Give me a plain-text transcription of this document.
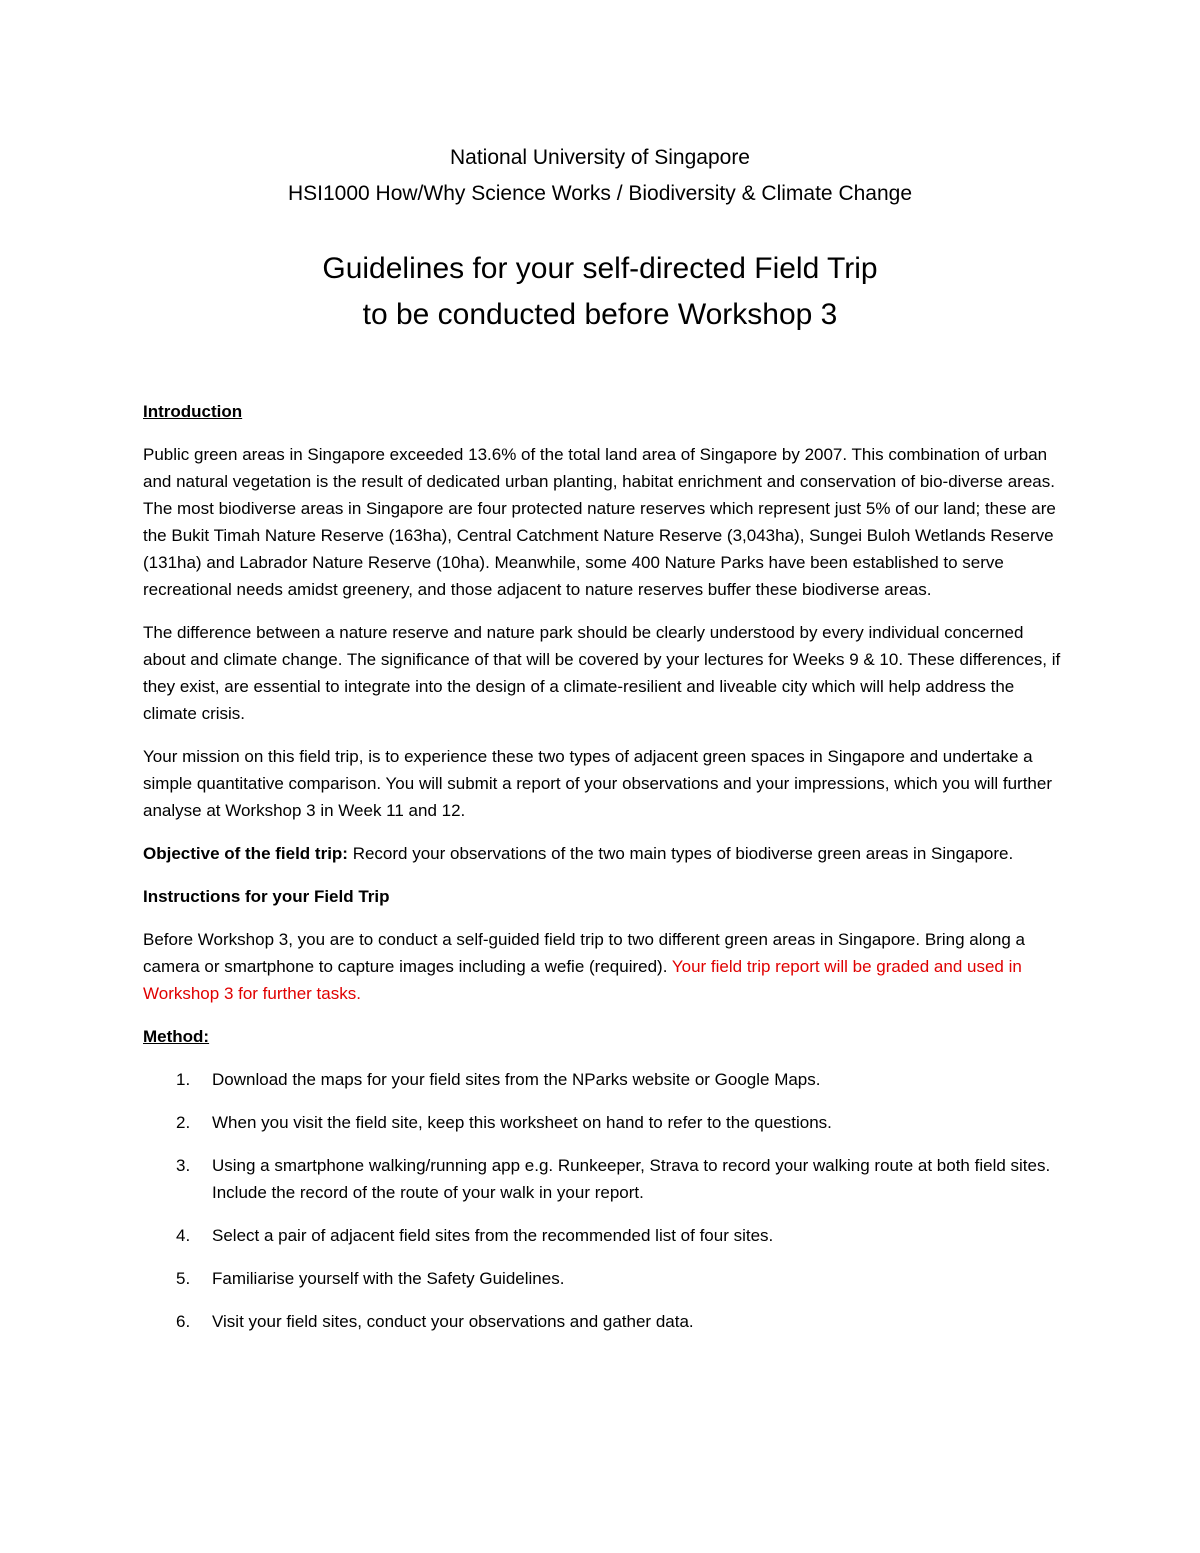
National University of Singapore
HSI1000 How/Why Science Works / Biodiversity & Climate Change
Guidelines for your self-directed Field Trip
to be conducted before Workshop 3
Introduction

Public green areas in Singapore exceeded 13.6% of the total land area of Singapore by 2007. This combination of urban and natural vegetation is the result of dedicated urban planting, habitat enrichment and conservation of bio-diverse areas. The most biodiverse areas in Singapore are four protected nature reserves which represent just 5% of our land; these are the Bukit Timah Nature Reserve (163ha), Central Catchment Nature Reserve (3,043ha), Sungei Buloh Wetlands Reserve (131ha) and Labrador Nature Reserve (10ha). Meanwhile, some 400 Nature Parks have been established to serve recreational needs amidst greenery, and those adjacent to nature reserves buffer these biodiverse areas.

The difference between a nature reserve and nature park should be clearly understood by every individual concerned about and climate change. The significance of that will be covered by your lectures for Weeks 9 & 10. These differences, if they exist, are essential to integrate into the design of a climate-resilient and liveable city which will help address the climate crisis.

Your mission on this field trip, is to experience these two types of adjacent green spaces in Singapore and undertake a simple quantitative comparison. You will submit a report of your observations and your impressions, which you will further analyse at Workshop 3 in Week 11 and 12.

Objective of the field trip: Record your observations of the two main types of biodiverse green areas in Singapore.

Instructions for your Field Trip

Before Workshop 3, you are to conduct a self-guided field trip to two different green areas in Singapore. Bring along a camera or smartphone to capture images including a wefie (required). Your field trip report will be graded and used in Workshop 3 for further tasks.

Method:
1. Download the maps for your field sites from the NParks website or Google Maps.
2. When you visit the field site, keep this worksheet on hand to refer to the questions.
3. Using a smartphone walking/running app e.g. Runkeeper, Strava to record your walking route at both field sites. Include the record of the route of your walk in your report.
4. Select a pair of adjacent field sites from the recommended list of four sites.
5. Familiarise yourself with the Safety Guidelines.
6. Visit your field sites, conduct your observations and gather data.
